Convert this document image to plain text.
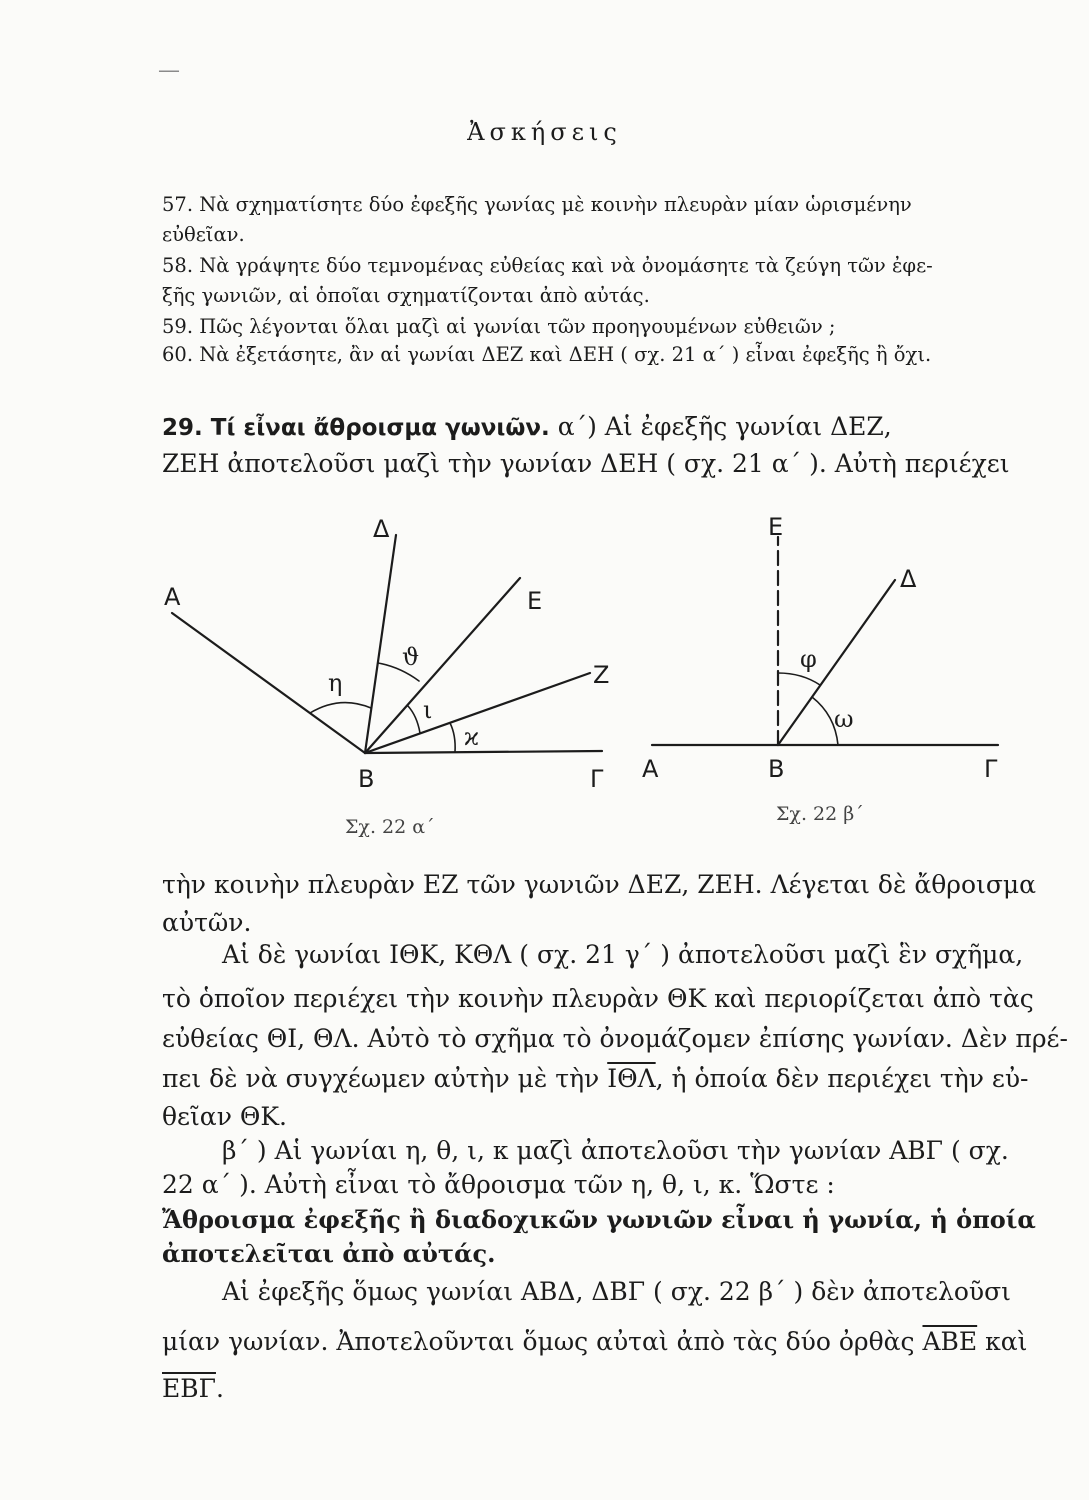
—
Ἀσκήσεις
57. Νὰ σχηματίσητε δύο ἐφεξῆς γωνίας μὲ κοινὴν πλευρὰν μίαν ὡρισμένην
εὐθεῖαν.
58. Νὰ γράψητε δύο τεμνομένας εὐθείας καὶ νὰ ὀνομάσητε τὰ ζεύγη τῶν ἐφε-
ξῆς γωνιῶν, αἱ ὁποῖαι σχηματίζονται ἀπὸ αὐτάς.
59. Πῶς λέγονται ὅλαι μαζὶ αἱ γωνίαι τῶν προηγουμένων εὐθειῶν ;
60. Νὰ ἐξετάσητε, ἂν αἱ γωνίαι ΔΕΖ καὶ ΔΕΗ ( σχ. 21 α΄ ) εἶναι ἐφεξῆς ἢ ὄχι.
29. Τί εἶναι ἄθροισμα γωνιῶν. α΄) Αἱ ἐφεξῆς γωνίαι ΔΕΖ,
ΖΕΗ ἀποτελοῦσι μαζὶ τὴν γωνίαν ΔΕΗ ( σχ. 21 α΄ ). Αὐτὴ περιέχει
Α
Δ
Ε
Ζ
Β	Γ
η
ϑ
ι
ϰ
Σχ. 22 α΄
Ε
Δ
Α	Β	Γ
φ
ω
Σχ. 22 β΄
τὴν κοινὴν πλευρὰν ΕΖ τῶν γωνιῶν ΔΕΖ, ΖΕΗ. Λέγεται δὲ ἄθροισμα
αὐτῶν.
Αἱ δὲ γωνίαι ΙΘΚ, ΚΘΛ ( σχ. 21 γ΄ ) ἀποτελοῦσι μαζὶ ἓν σχῆμα,
τὸ ὁποῖον περιέχει τὴν κοινὴν πλευρὰν ΘΚ καὶ περιορίζεται ἀπὸ τὰς
εὐθείας ΘΙ, ΘΛ. Αὐτὸ τὸ σχῆμα τὸ ὀνομάζομεν ἐπίσης γωνίαν. Δὲν πρέ-
πει δὲ νὰ συγχέωμεν αὐτὴν μὲ τὴν $\overline{I\Theta\Lambda}$, ἡ ὁποία δὲν περιέχει τὴν εὐ-
θεῖαν ΘΚ.
β΄ ) Αἱ γωνίαι η, θ, ι, κ μαζὶ ἀποτελοῦσι τὴν γωνίαν ΑΒΓ ( σχ.
22 α΄ ). Αὐτὴ εἶναι τὸ ἄθροισμα τῶν η, θ, ι, κ. Ὥστε :
Ἄθροισμα ἐφεξῆς ἢ διαδοχικῶν γωνιῶν εἶναι ἡ γωνία, ἡ ὁποία
ἀποτελεῖται ἀπὸ αὐτάς.
Αἱ ἐφεξῆς ὅμως γωνίαι ΑΒΔ, ΔΒΓ ( σχ. 22 β΄ ) δὲν ἀποτελοῦσι
μίαν γωνίαν. Ἀποτελοῦνται ὅμως αὐταὶ ἀπὸ τὰς δύο ὀρθὰς $\overline{ABE}$ καὶ
$\overline{EB\Gamma}$.
